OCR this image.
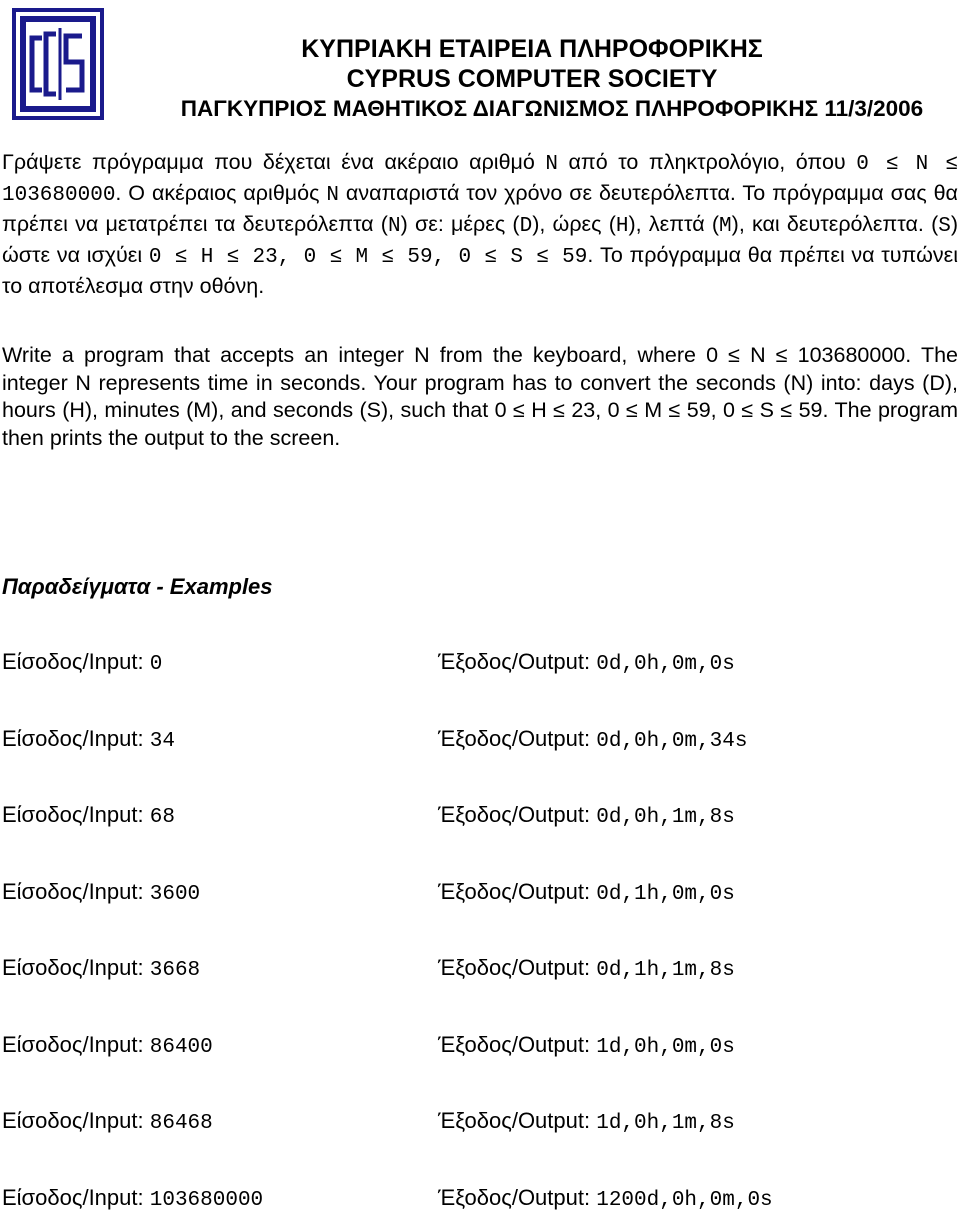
ΚΥΠΡΙΑΚΗ ΕΤΑΙΡΕΙΑ ΠΛΗΡΟΦΟΡΙΚΗΣ
CYPRUS COMPUTER SOCIETY
ΠΑΓΚΥΠΡΙΟΣ ΜΑΘΗΤΙΚΟΣ ΔΙΑΓΩΝΙΣΜΟΣ ΠΛΗΡΟΦΟΡΙΚΗΣ 11/3/2006
Γράψετε πρόγραμμα που δέχεται ένα ακέραιο αριθμό N από το πληκτρολόγιο, όπου 0 ≤ N ≤ 103680000. Ο ακέραιος αριθμός N αναπαριστά τον χρόνο σε δευτερόλεπτα. Το πρόγραμμα σας θα πρέπει να μετατρέπει τα δευτερόλεπτα (N) σε: μέρες (D), ώρες (H), λεπτά (M), και δευτερόλεπτα. (S) ώστε να ισχύει 0 ≤ H ≤ 23, 0 ≤ M ≤ 59, 0 ≤ S ≤ 59. Το πρόγραμμα θα πρέπει να τυπώνει το αποτέλεσμα στην οθόνη.
Write a program that accepts an integer N from the keyboard, where 0 ≤ N ≤ 103680000. The integer N represents time in seconds. Your program has to convert the seconds (N) into: days (D), hours (H), minutes (M), and seconds (S), such that 0 ≤ H ≤ 23, 0 ≤ M ≤ 59, 0 ≤ S ≤ 59. The program then prints the output to the screen.
Παραδείγματα - Examples
Είσοδος/Input: 0	Έξοδος/Output: 0d,0h,0m,0s
Είσοδος/Input: 34	Έξοδος/Output: 0d,0h,0m,34s
Είσοδος/Input: 68	Έξοδος/Output: 0d,0h,1m,8s
Είσοδος/Input: 3600	Έξοδος/Output: 0d,1h,0m,0s
Είσοδος/Input: 3668	Έξοδος/Output: 0d,1h,1m,8s
Είσοδος/Input: 86400	Έξοδος/Output: 1d,0h,0m,0s
Είσοδος/Input: 86468	Έξοδος/Output: 1d,0h,1m,8s
Είσοδος/Input: 103680000	Έξοδος/Output: 1200d,0h,0m,0s
